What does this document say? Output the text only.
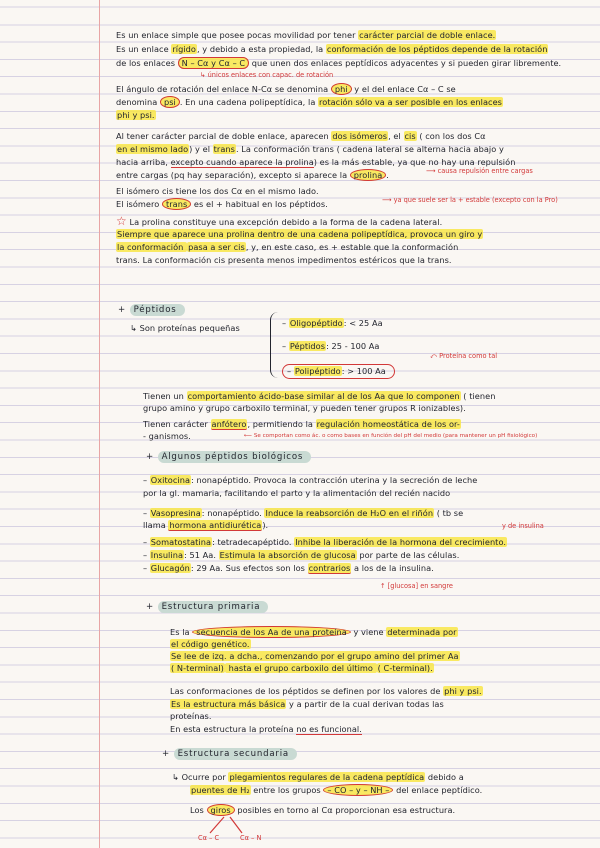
Es un enlace simple que posee pocas movilidad por tener carácter parcial de doble enlace.
Es un enlace rígido, y debido a esta propiedad, la conformación de los péptidos depende de la rotación
de los enlaces N – Cα y Cα – C que unen dos enlaces peptídicos adyacentes y si pueden girar libremente.
↳ únicos enlaces con capac. de rotación
El ángulo de rotación del enlace N-Cα se denomina phi y el del enlace Cα – C se
denomina psi . En una cadena polipeptídica, la rotación sólo va a ser posible en los enlaces
phi y psi.
Al tener carácter parcial de doble enlace, aparecen dos isómeros, el cis ( con los dos Cα
en el mismo lado) y el trans. La conformación trans ( cadena lateral se alterna hacia abajo y
hacia arriba, excepto cuando aparece la prolina) es la más estable, ya que no hay una repulsión
entre cargas (pq hay separación), excepto si aparece la prolina .	⟶ causa repulsión entre cargas
El isómero cis tiene los dos Cα en el mismo lado.
El isómero trans es el + habitual en los péptidos.	⟶ ya que suele ser la + estable (excepto con la Pro)
☆ La prolina constituye una excepción debido a la forma de la cadena lateral.
Siempre que aparece una prolina dentro de una cadena polipeptídica, provoca un giro y
la conformación pasa a ser cis, y, en este caso, es + estable que la conformación
trans. La conformación cis presenta menos impedimentos estéricos que la trans.
+ Péptidos
↳ Son proteínas pequeñas	– Oligopéptido: < 25 Aa
– Péptidos: 25 - 100 Aa
– Polipéptido: > 100 Aa
⤺ Proteína como tal
Tienen un comportamiento ácido-base similar al de los Aa que lo componen ( tienen
grupo amino y grupo carboxilo terminal, y pueden tener grupos R ionizables).
Tienen carácter anfótero, permitiendo la regulación homeostática de los or-
- ganismos.	⟵ Se comportan como ác. o como bases en función del pH del medio (para mantener un pH fisiológico)
+ Algunos péptidos biológicos
– Oxitocina: nonapéptido. Provoca la contracción uterina y la secreción de leche
por la gl. mamaria, facilitando el parto y la alimentación del recién nacido
– Vasopresina: nonapéptido. Induce la reabsorción de H₂O en el riñón ( tb se
llama hormona antidiurética).	y de insulina
– Somatostatina: tetradecapéptido. Inhibe la liberación de la hormona del crecimiento.
– Insulina: 51 Aa. Estimula la absorción de glucosa por parte de las células.
– Glucagón: 29 Aa. Sus efectos son los contrarios a los de la insulina.
↑ [glucosa] en sangre
+ Estructura primaria
Es la secuencia de los Aa de una proteína y viene determinada por
el código genético.
Se lee de izq. a dcha., comenzando por el grupo amino del primer Aa
( N-terminal) hasta el grupo carboxilo del último ( C-terminal).
Las conformaciones de los péptidos se definen por los valores de phi y psi.
Es la estructura más básica y a partir de la cual derivan todas las
proteínas.
En esta estructura la proteína no es funcional.
+ Estructura secundaria
↳ Ocurre por plegamientos regulares de la cadena peptídica debido a
puentes de H₂ entre los grupos – CO – y – NH – del enlace peptídico.
Los giros posibles en torno al Cα proporcionan esa estructura.
Cα – C	Cα – N
